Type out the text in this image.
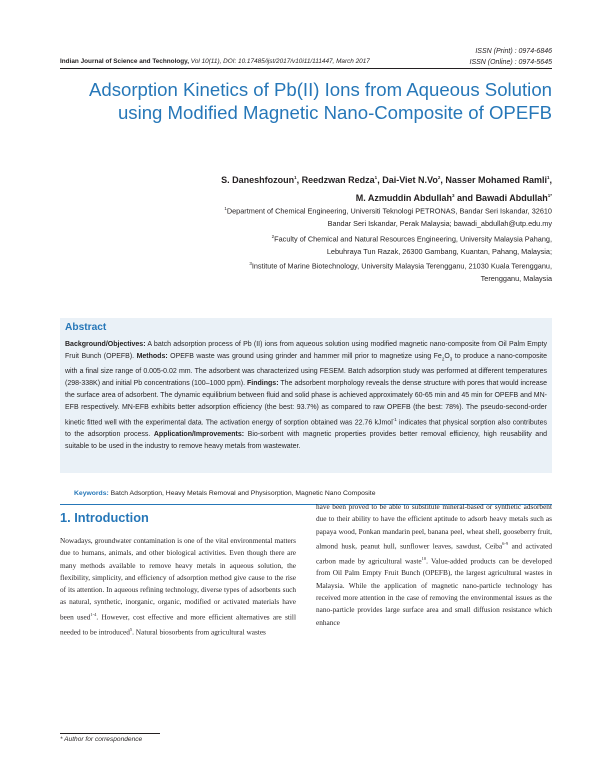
ISSN (Print) : 0974-6846
ISSN (Online) : 0974-5645
Indian Journal of Science and Technology, Vol 10(11), DOI: 10.17485/ijst/2017/v10i11/111447, March 2017
Adsorption Kinetics of Pb(II) Ions from Aqueous Solution using Modified Magnetic Nano-Composite of OPEFB
S. Daneshfozoun$^1$, Reedzwan Redza$^1$, Dai-Viet N.Vo$^2$, Nasser Mohamed Ramli$^1$,
M. Azmuddin Abdullah$^3$ and Bawadi Abdullah$^{1*}$
$^1$Department of Chemical Engineering, Universiti Teknologi PETRONAS, Bandar Seri Iskandar, 32610
Bandar Seri Iskandar, Perak Malaysia; bawadi_abdullah@utp.edu.my
$^2$Faculty of Chemical and Natural Resources Engineering, University Malaysia Pahang,
Lebuhraya Tun Razak, 26300 Gambang, Kuantan, Pahang, Malaysia;
$^3$Institute of Marine Biotechnology, University Malaysia Terengganu, 21030 Kuala Terengganu,
Terengganu, Malaysia
Abstract

Background/Objectives: A batch adsorption process of Pb (II) ions from aqueous solution using modified magnetic nano-composite from Oil Palm Empty Fruit Bunch (OPEFB). Methods: OPEFB waste was ground using grinder and hammer mill prior to magnetize using $Fe_2O_3$ to produce a nano-composite with a final size range of 0.005-0.02 mm. The adsorbent was characterized using FESEM. Batch adsorption study was performed at different temperatures (298-338K) and initial Pb concentrations (100–1000 ppm). Findings: The adsorbent morphology reveals the dense structure with pores that would increase the surface area of adsorbent. The dynamic equilibrium between fluid and solid phase is achieved approximately 60-65 min and 45 min for OPEFB and MN-EFB respectively. MN-EFB exhibits better adsorption efficiency (the best: 93.7%) as compared to raw OPEFB (the best: 78%). The pseudo-second-order kinetic fitted well with the experimental data. The activation energy of sorption obtained was 22.76 kJmol$^{-1}$ indicates that physical sorption also contributes to the adsorption process. Application/Improvements: Bio-sorbent with magnetic properties provides better removal efficiency, high reusability and suitable to be used in the industry to remove heavy metals from wastewater.

Keywords: Batch Adsorption, Heavy Metals Removal and Physisorption, Magnetic Nano Composite
1. Introduction

Nowadays, groundwater contamination is one of the vital environmental matters due to humans, animals, and other biological activities. Even though there are many methods available to remove heavy metals in aqueous solution, the flexibility, simplicity, and efficiency of adsorption method give cause to the rise of its attention. In aqueous refining technology, diverse types of adsorbents such as natural, synthetic, inorganic, organic, modified or activated materials have been used$^{1-4}$. However, cost effective and more efficient alternatives are still needed to be introduced$^5$. Natural biosorbents from agricultural wastes

have been proved to be able to substitute mineral-based or synthetic adsorbent due to their ability to have the efficient aptitude to adsorb heavy metals such as papaya wood, Ponkan mandarin peel, banana peel, wheat shell, gooseberry fruit, almond husk, peanut hull, sunflower leaves, sawdust, Ceiba$^{6-9}$ and activated carbon made by agricultural waste$^{10}$. Value-added products can be developed from Oil Palm Empty Fruit Bunch (OPEFB), the largest agricultural wastes in Malaysia. While the application of magnetic nano-particle technology has received more attention in the case of removing the environmental issues as the nano-particle provides large surface area and small diffusion resistance which enhance

* Author for correspondence
